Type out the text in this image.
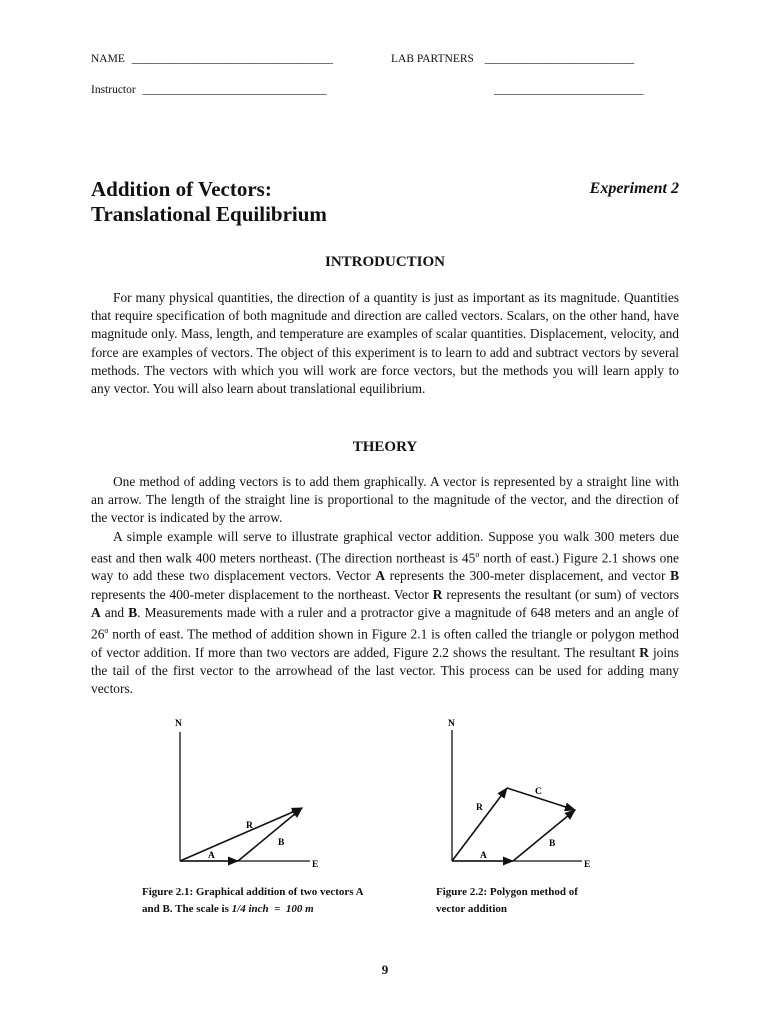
NAME ___________________________________	LAB PARTNERS __________________________
Instructor ________________________________	__________________________
Addition of Vectors:
Translational Equilibrium
Experiment 2
INTRODUCTION

For many physical quantities, the direction of a quantity is just as important as its magnitude. Quantities that require specification of both magnitude and direction are called vectors. Scalars, on the other hand, have magnitude only. Mass, length, and temperature are examples of scalar quantities. Displacement, velocity, and force are examples of vectors. The object of this experiment is to learn to add and subtract vectors by several methods. The vectors with which you will work are force vectors, but the methods you will learn apply to any vector. You will also learn about translational equilibrium.

THEORY

One method of adding vectors is to add them graphically. A vector is represented by a straight line with an arrow. The length of the straight line is proportional to the magnitude of the vector, and the direction of the vector is indicated by the arrow.

A simple example will serve to illustrate graphical vector addition. Suppose you walk 300 meters due east and then walk 400 meters northeast. (The direction northeast is 45$^o$ north of east.) Figure 2.1 shows one way to add these two displacement vectors. Vector A represents the 300-meter displacement, and vector B represents the 400-meter displacement to the northeast. Vector R represents the resultant (or sum) of vectors A and B. Measurements made with a ruler and a protractor give a magnitude of 648 meters and an angle of 26$^o$ north of east. The method of addition shown in Figure 2.1 is often called the triangle or polygon method of vector addition. If more than two vectors are added, Figure 2.2 shows the resultant. The resultant R joins the tail of the first vector to the arrowhead of the last vector. This process can be used for adding many vectors.

N
E
A
B
R
Figure 2.1: Graphical addition of two vectors A
and B. The scale is 1/4 inch  =  100 m
N
E
A
B
C
R
Figure 2.2: Polygon method of
vector addition
9
